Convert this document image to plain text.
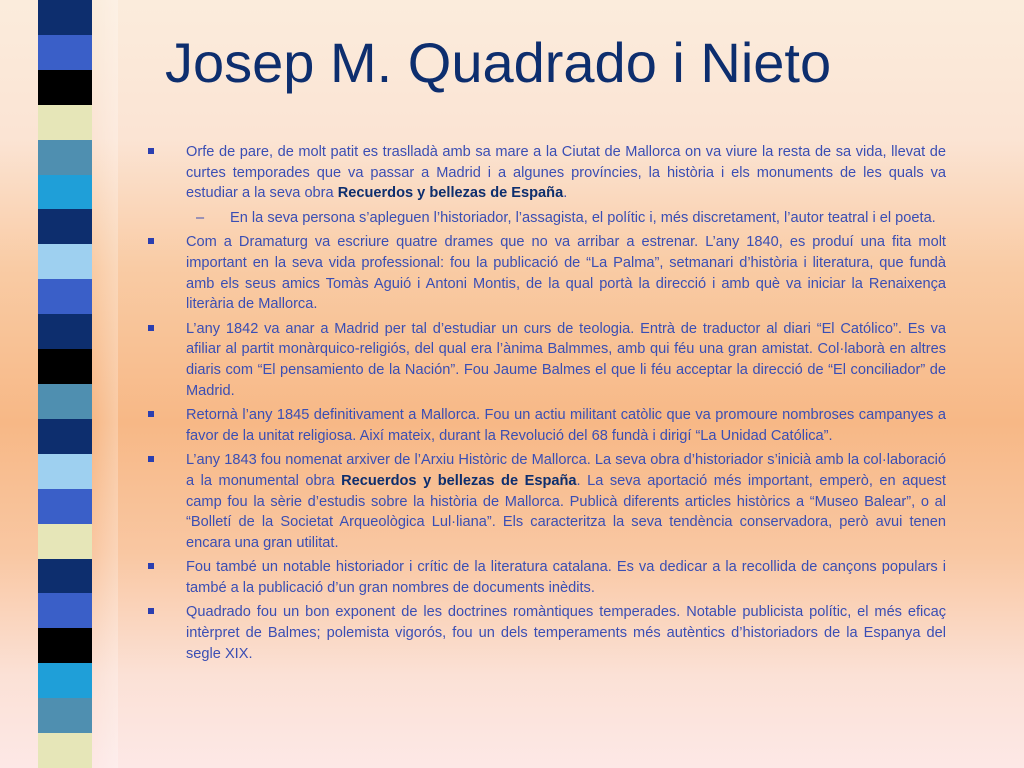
Josep M. Quadrado i Nieto

Orfe de pare, de molt patit es traslladà amb sa mare a la Ciutat de Mallorca on va viure la resta de sa vida, llevat de curtes temporades que va passar a Madrid i a algunes províncies, la història i els monuments de les quals va estudiar a la seva obra Recuerdos y bellezas de España.

– En la seva persona s’apleguen l’historiador, l’assagista, el polític i, més discretament, l’autor teatral i el poeta.

Com a Dramaturg va escriure quatre drames que no va arribar a estrenar. L’any 1840, es produí una fita molt important en la seva vida professional: fou la publicació de “La Palma”, setmanari d’història i literatura, que fundà amb els seus amics Tomàs Aguió i Antoni Montis, de la qual portà la direcció i amb què va iniciar la Renaixença literària de Mallorca.

L’any 1842 va anar a Madrid per tal d’estudiar un curs de teologia. Entrà de traductor al diari “El Católico”. Es va afiliar al partit monàrquico-religiós, del qual era l’ànima Balmmes, amb qui féu una gran amistat. Col·laborà en altres diaris com “El pensamiento de la Nación”. Fou Jaume Balmes el que li féu acceptar la direcció de “El conciliador” de Madrid.

Retornà l’any 1845 definitivament a Mallorca. Fou un actiu militant catòlic que va promoure nombroses campanyes a favor de la unitat religiosa. Així mateix, durant la Revolució del 68 fundà i dirigí “La Unidad Católica”.

L’any 1843 fou nomenat arxiver de l’Arxiu Històric de Mallorca. La seva obra d’historiador s’inicià amb la col·laboració a la monumental obra Recuerdos y bellezas de España. La seva aportació més important, emperò, en aquest camp fou la sèrie d’estudis sobre la història de Mallorca. Publicà diferents articles històrics a “Museo Balear”, o al “Bolletí de la Societat Arqueològica Lul·liana”. Els caracteritza la seva tendència conservadora, però avui tenen encara una gran utilitat.

Fou també un notable historiador i crític de la literatura catalana. Es va dedicar a la recollida de cançons populars i també a la publicació d’un gran nombres de documents inèdits.

Quadrado fou un bon exponent de les doctrines romàntiques temperades. Notable publicista polític, el més eficaç intèrpret de Balmes; polemista vigorós, fou un dels temperaments més autèntics d’historiadors de la Espanya del segle XIX.
